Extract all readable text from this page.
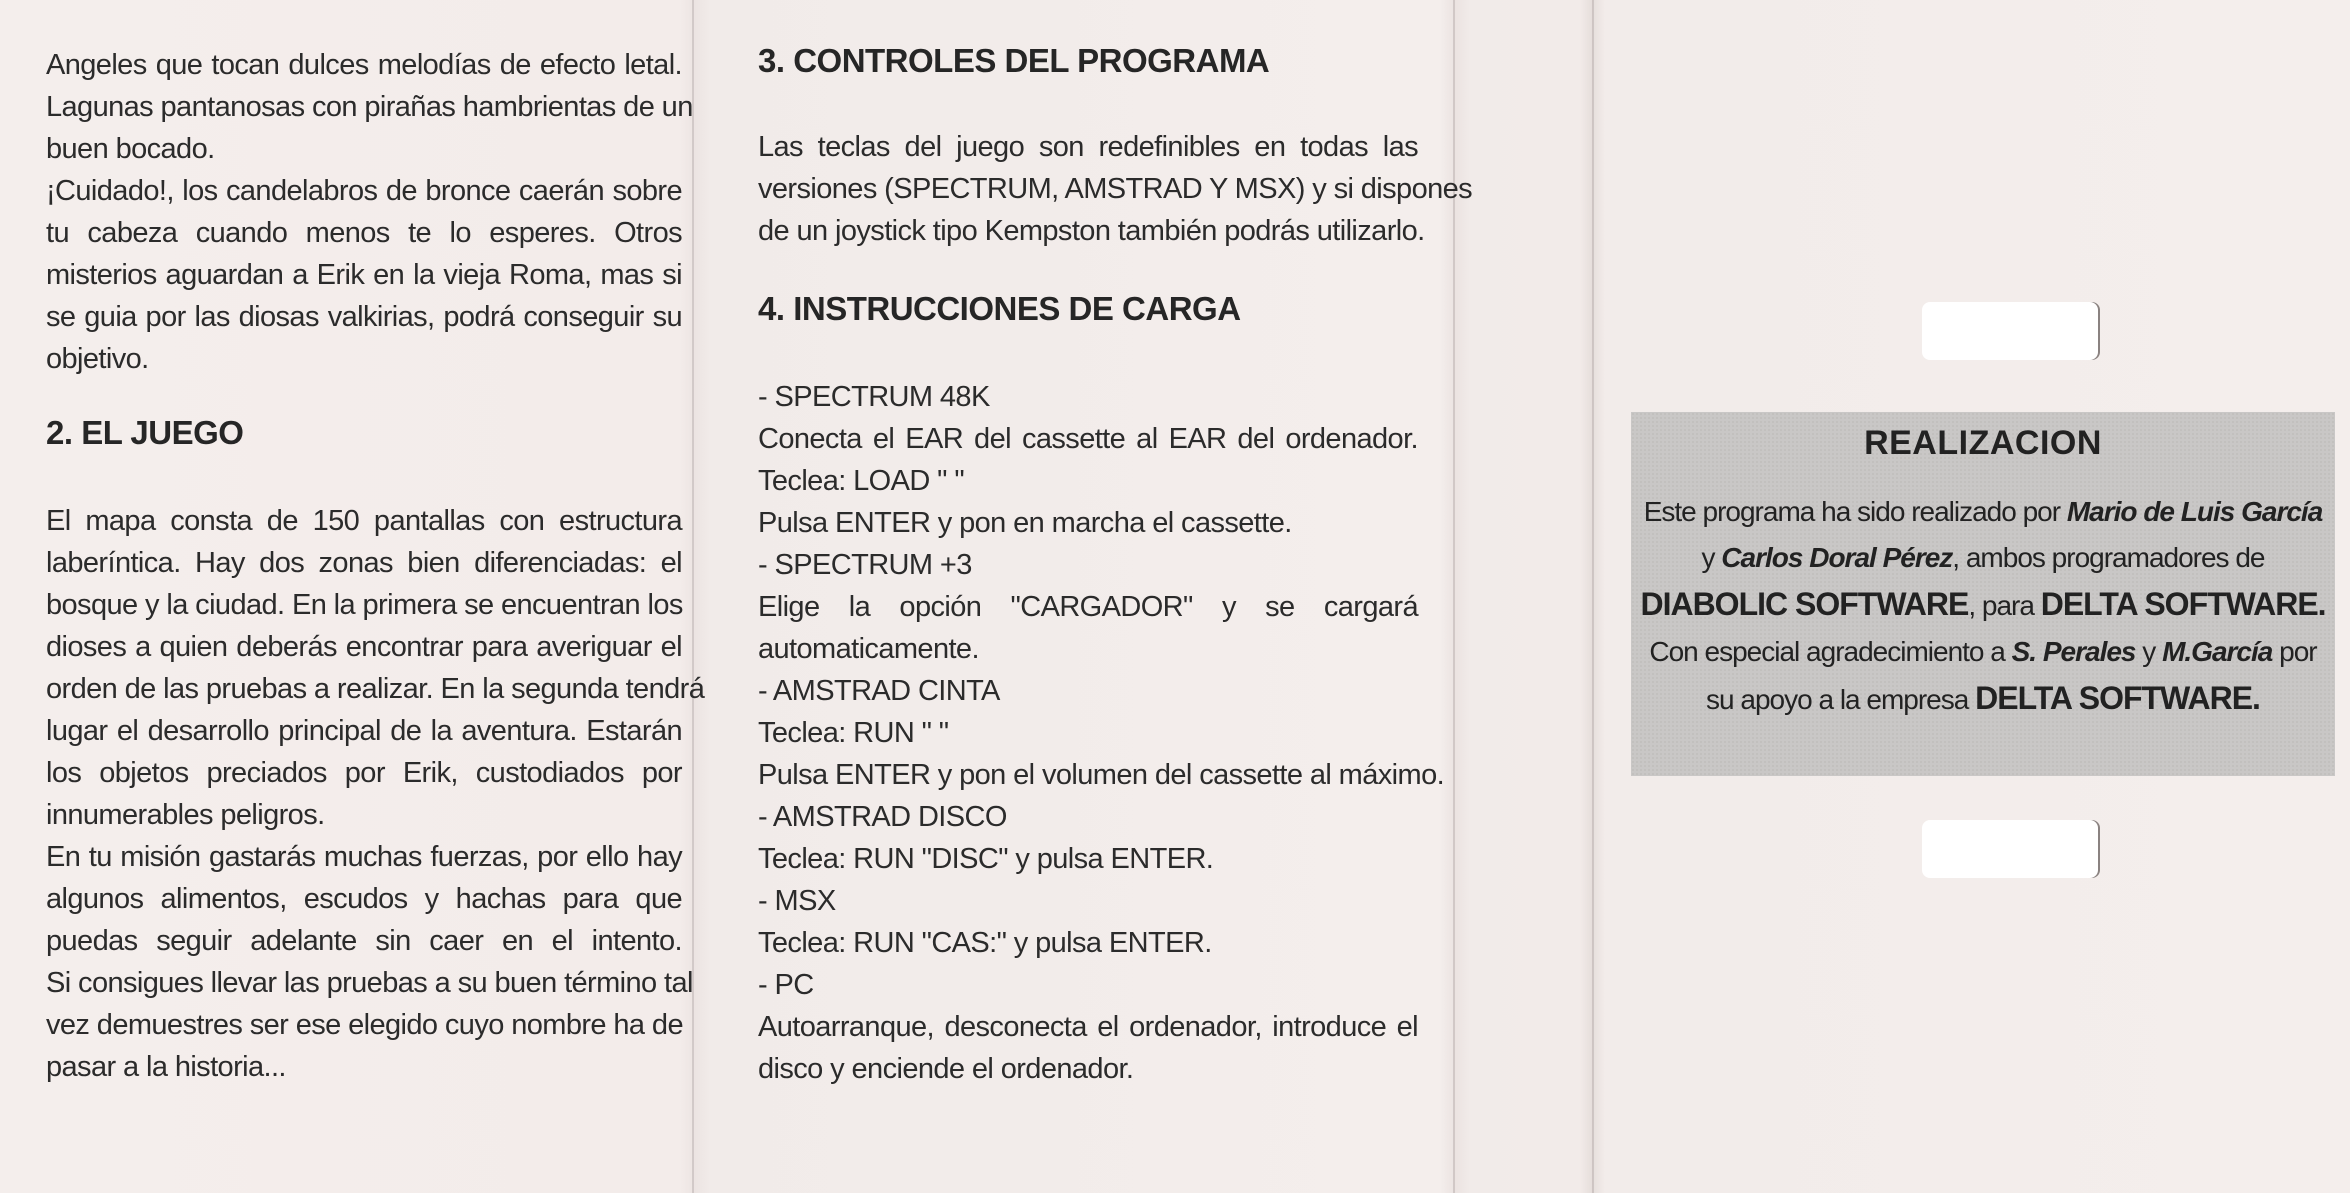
Angeles que tocan dulces melodías de efecto letal.
Lagunas pantanosas con pirañas hambrientas de un
buen bocado.
¡Cuidado!, los candelabros de bronce caerán sobre
tu cabeza cuando menos te lo esperes. Otros
misterios aguardan a Erik en la vieja Roma, mas si
se guia por las diosas valkirias, podrá conseguir su
objetivo.
2. EL JUEGO
El mapa consta de 150 pantallas con estructura
laberíntica. Hay dos zonas bien diferenciadas: el
bosque y la ciudad. En la primera se encuentran los
dioses a quien deberás encontrar para averiguar el
orden de las pruebas a realizar. En la segunda tendrá
lugar el desarrollo principal de la aventura. Estarán
los objetos preciados por Erik, custodiados por
innumerables peligros.
En tu misión gastarás muchas fuerzas, por ello hay
algunos alimentos, escudos y hachas para que
puedas seguir adelante sin caer en el intento.
Si consigues llevar las pruebas a su buen término tal
vez demuestres ser ese elegido cuyo nombre ha de
pasar a la historia...
3. CONTROLES DEL PROGRAMA
Las teclas del juego son redefinibles en todas las
versiones (SPECTRUM, AMSTRAD Y MSX) y si dispones
de un joystick tipo Kempston también podrás utilizarlo.
4. INSTRUCCIONES DE CARGA
- SPECTRUM 48K
Conecta el EAR del cassette al EAR del ordenador.
Teclea: LOAD " "
Pulsa ENTER y pon en marcha el cassette.
- SPECTRUM +3
Elige la opción "CARGADOR" y se cargará
automaticamente.
- AMSTRAD CINTA
Teclea: RUN " "
Pulsa ENTER y pon el volumen del cassette al máximo.
- AMSTRAD DISCO
Teclea: RUN "DISC" y pulsa ENTER.
- MSX
Teclea: RUN "CAS:" y pulsa ENTER.
- PC
Autoarranque, desconecta el ordenador, introduce el
disco y enciende el ordenador.
REALIZACION
Este programa ha sido realizado por Mario de Luis García
y Carlos Doral Pérez, ambos programadores de
DIABOLIC SOFTWARE, para DELTA SOFTWARE.
Con especial agradecimiento a S. Perales y M.García por
su apoyo a la empresa DELTA SOFTWARE.
